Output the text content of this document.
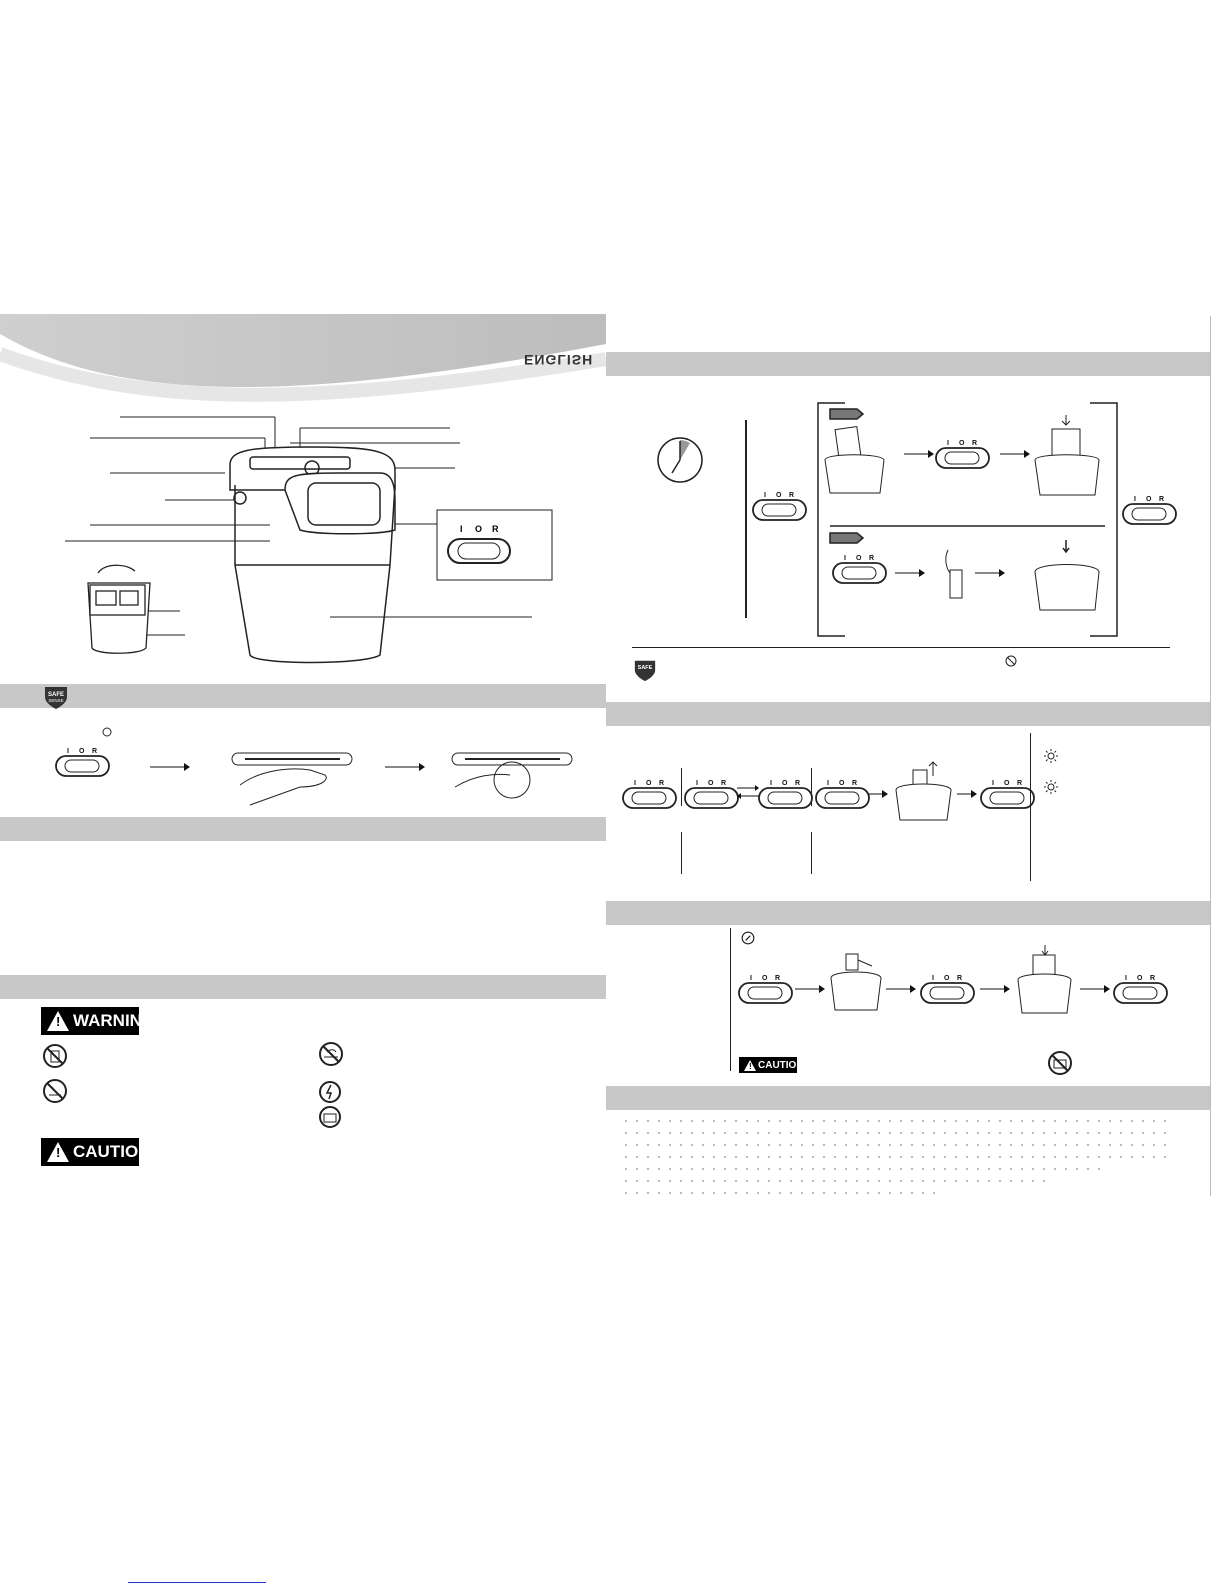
ENGLISH
I     O    R
SAFE
SENSE
I O R
! WARNING
! CAUTION
I O R
I O R
I O R
I O R
SAFE
I O R	I O R	I O R	I O R	I O R
I O R	I O R	I O R
! CAUTION
